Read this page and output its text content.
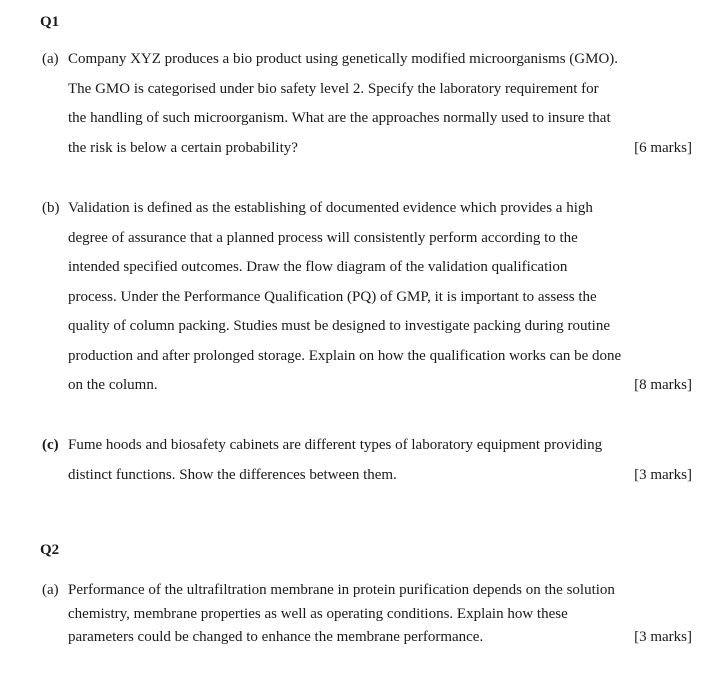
Q1
(a) Company XYZ produces a bio product using genetically modified microorganisms (GMO).
The GMO is categorised under bio safety level 2. Specify the laboratory requirement for
the handling of such microorganism. What are the approaches normally used to insure that
the risk is below a certain probability?	[6 marks]
(b) Validation is defined as the establishing of documented evidence which provides a high
degree of assurance that a planned process will consistently perform according to the
intended specified outcomes. Draw the flow diagram of the validation qualification
process. Under the Performance Qualification (PQ) of GMP, it is important to assess the
quality of column packing. Studies must be designed to investigate packing during routine
production and after prolonged storage. Explain on how the qualification works can be done
on the column.	[8 marks]
(c) Fume hoods and biosafety cabinets are different types of laboratory equipment providing
distinct functions. Show the differences between them.	[3 marks]
Q2
(a) Performance of the ultrafiltration membrane in protein purification depends on the solution
chemistry, membrane properties as well as operating conditions. Explain how these
parameters could be changed to enhance the membrane performance.	[3 marks]
